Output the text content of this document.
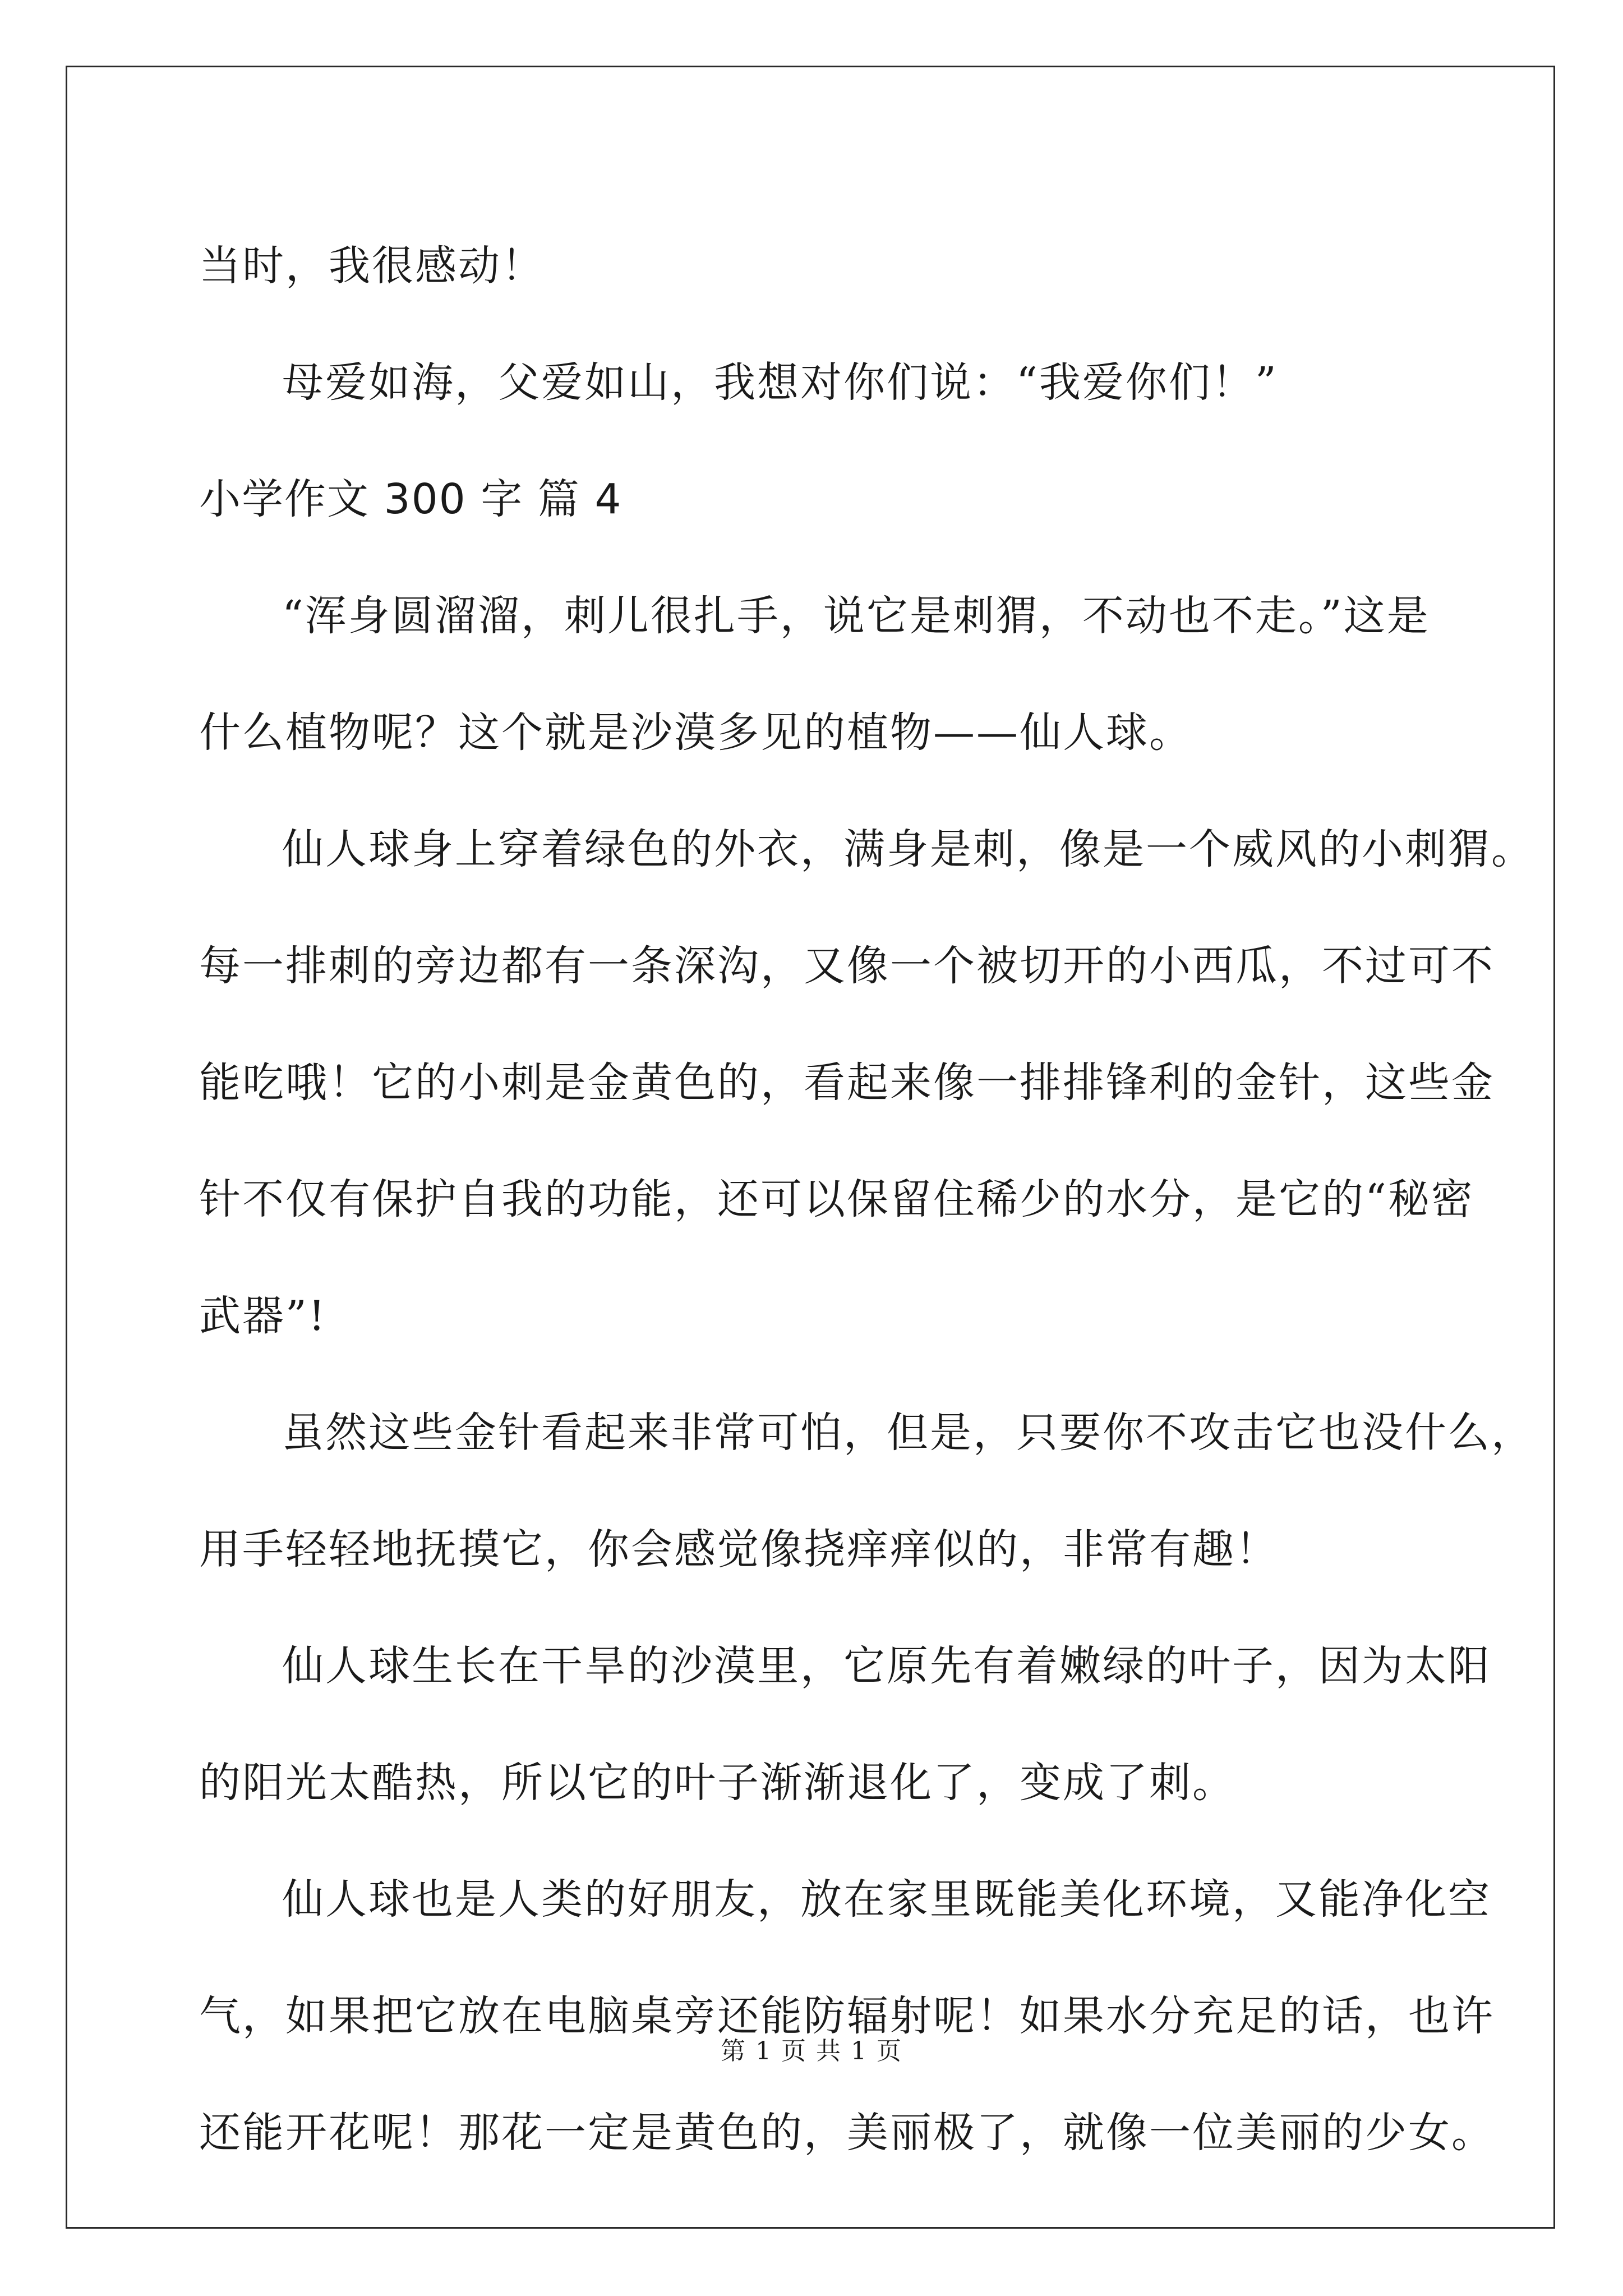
当时，我很感动！
母爱如海，父爱如山，我想对你们说：“我爱你们！”
小学作文 300 字 篇 4
“浑身圆溜溜，刺儿很扎手，说它是刺猬，不动也不走。”这是
什么植物呢？这个就是沙漠多见的植物——仙人球。
仙人球身上穿着绿色的外衣，满身是刺，像是一个威风的小刺猬。
每一排刺的旁边都有一条深沟，又像一个被切开的小西瓜，不过可不
能吃哦！它的小刺是金黄色的，看起来像一排排锋利的金针，这些金
针不仅有保护自我的功能，还可以保留住稀少的水分，是它的“秘密
武器”!
虽然这些金针看起来非常可怕，但是，只要你不攻击它也没什么，
用手轻轻地抚摸它，你会感觉像挠痒痒似的，非常有趣！
仙人球生长在干旱的沙漠里，它原先有着嫩绿的叶子，因为太阳
的阳光太酷热，所以它的叶子渐渐退化了，变成了刺。
仙人球也是人类的好朋友，放在家里既能美化环境，又能净化空
气，如果把它放在电脑桌旁还能防辐射呢！如果水分充足的话，也许
还能开花呢！那花一定是黄色的，美丽极了，就像一位美丽的少女。
第 1 页 共 1 页
